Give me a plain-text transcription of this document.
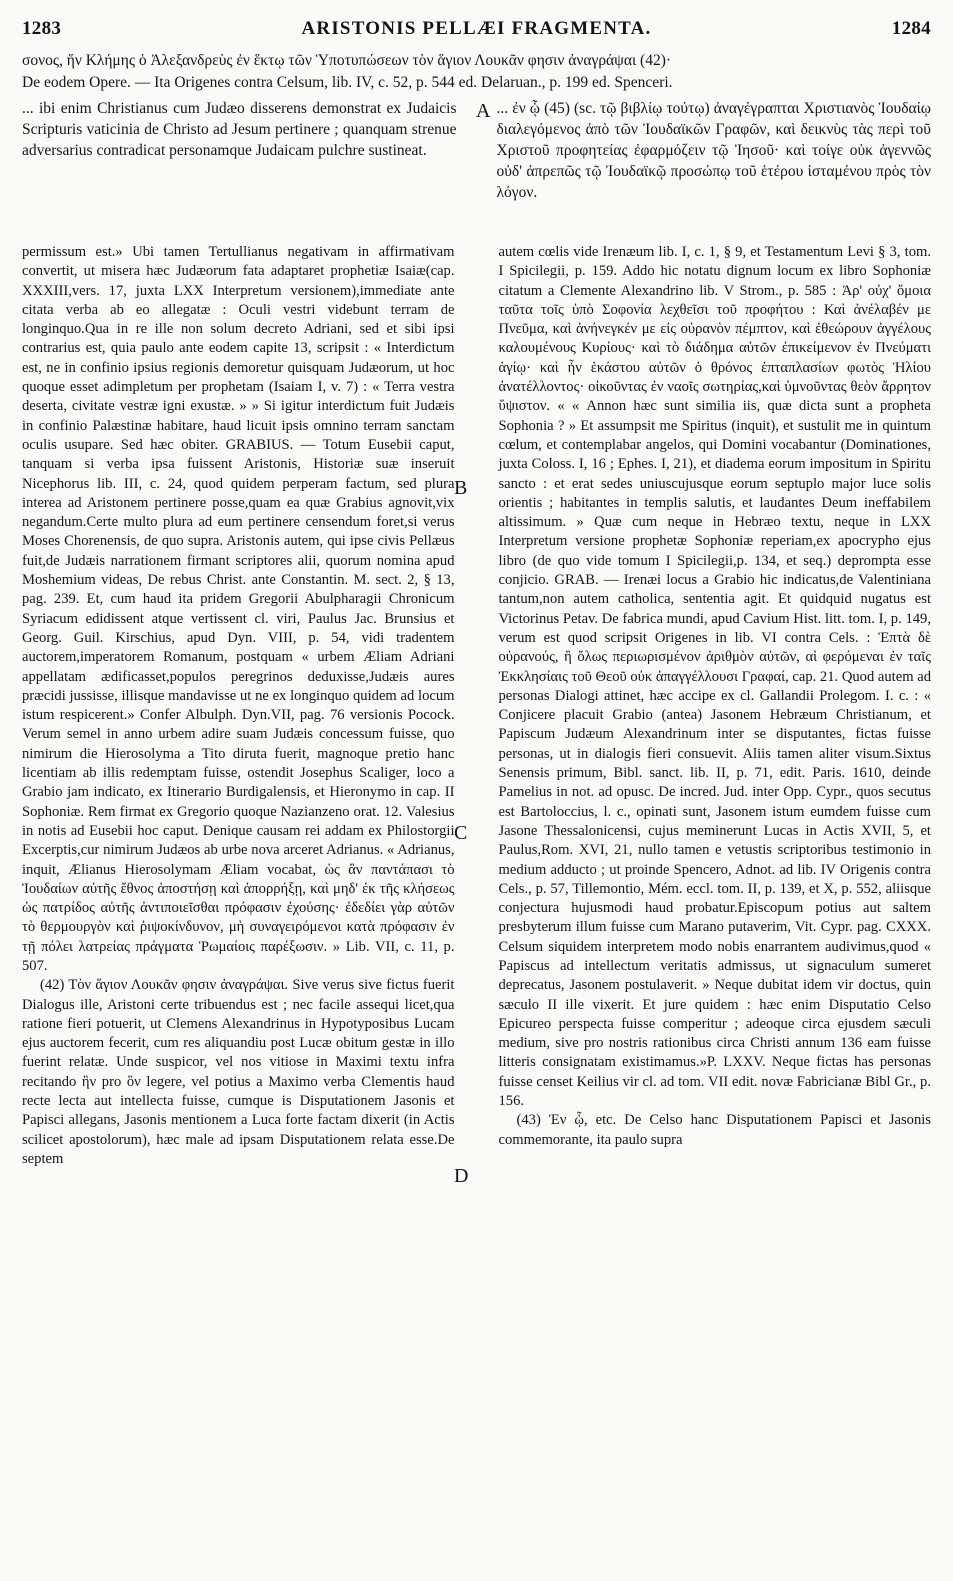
1283	ARISTONIS PELLÆI FRAGMENTA.	1284
σονος, ἥν Κλήμης ὁ Ἀλεξανδρεὺς ἐν ἕκτῳ τῶν Ὑποτυπώσεων τὸν ἅγιον Λουκᾶν φησιν ἀναγράψαι (42)·
De eodem Opere. — Ita Origenes contra Celsum, lib. IV, c. 52, p. 544 ed. Delaruan., p. 199 ed. Spenceri.

... ibi enim Christianus cum Judæo disserens demonstrat ex Judaicis Scripturis vaticinia de Christo ad Jesum pertinere ; quanquam strenue adversarius contradicat personamque Judaicam pulchre sustineat.

... ἐν ᾧ (45) (sc. τῷ βιβλίῳ τούτῳ) ἀναγέγραπται Χριστιανὸς Ἰουδαίῳ διαλεγόμενος ἀπὸ τῶν Ἰουδαϊκῶν Γραφῶν, καὶ δεικνὺς τὰς περὶ τοῦ Χριστοῦ προφητείας ἐφαρμόζειν τῷ Ἰησοῦ· καὶ τοίγε οὐκ ἀγεννῶς οὐδ' ἀπρεπῶς τῷ Ἰουδαϊκῷ προσώπῳ τοῦ ἑτέρου ἱσταμένου πρὸς τὸν λόγον.

A

permissum est.» Ubi tamen Tertullianus negativam in affirmativam convertit, ut misera hæc Judæorum fata adaptaret prophetiæ Isaiæ(cap. XXXIII,vers. 17, juxta LXX Interpretum versionem),immediate ante citata verba ab eo allegatæ : Oculi vestri videbunt terram de longinquo.Qua in re ille non solum decreto Adriani, sed et sibi ipsi contrarius est, quia paulo ante eodem capite 13, scripsit : « Interdictum est, ne in confinio ipsius regionis demoretur quisquam Judæorum, ut hoc quoque esset adimpletum per prophetam (Isaiam I, v. 7) : « Terra vestra deserta, civitate vestræ igni exustæ. » » Si igitur interdictum fuit Judæis in confinio Palæstinæ habitare, haud licuit ipsis omnino terram sanctam oculis usupare. Sed hæc obiter. GRABIUS. — Totum Eusebii caput, tanquam si verba ipsa fuissent Aristonis, Historiæ suæ inseruit Nicephorus lib. III, c. 24, quod quidem perperam factum, sed plura interea ad Aristonem pertinere posse,quam ea quæ Grabius agnovit,vix negandum.Certe multo plura ad eum pertinere censendum foret,si verus Moses Chorenensis, de quo supra. Aristonis autem, qui ipse civis Pellæus fuit,de Judæis narrationem firmant scriptores alii, quorum nomina apud Moshemium videas, De rebus Christ. ante Constantin. M. sect. 2, § 13, pag. 239. Et, cum haud ita pridem Gregorii Abulpharagii Chronicum Syriacum edidissent atque vertissent cl. viri, Paulus Jac. Brunsius et Georg. Guil. Kirschius, apud Dyn. VIII, p. 54, vidi tradentem auctorem,imperatorem Romanum, postquam « urbem Æliam Adriani appellatam ædificasset,populos peregrinos deduxisse,Judæis aures præcidi jussisse, illisque mandavisse ut ne ex longinquo quidem ad locum istum respicerent.» Confer Albulph. Dyn.VII, pag. 76 versionis Pocock. Verum semel in anno urbem adire suam Judæis concessum fuisse, quo nimirum die Hierosolyma a Tito diruta fuerit, magnoque pretio hanc licentiam ab illis redemptam fuisse, ostendit Josephus Scaliger, loco a Grabio jam indicato, ex Itinerario Burdigalensis, et Hieronymo in cap. II Sophoniæ. Rem firmat ex Gregorio quoque Nazianzeno orat. 12. Valesius in notis ad Eusebii hoc caput. Denique causam rei addam ex Philostorgii Excerptis,cur nimirum Judæos ab urbe nova arceret Adrianus. « Adrianus, inquit, Ælianus Hierosolymam Æliam vocabat, ὡς ἂν παντάπασι τὸ Ἰουδαίων αὐτῆς ἔθνος ἀποστήσῃ καὶ ἀπορρήξῃ, καὶ μηδ' ἐκ τῆς κλήσεως ὡς πατρίδος αὐτῆς ἀντιποιεῖσθαι πρόφασιν ἐχούσης· ἐδεδίει γὰρ αὐτῶν τὸ θερμουργὸν καὶ ῥιψοκίνδυνον, μὴ συναγειρόμενοι κατὰ πρόφασιν ἐν τῇ πόλει λατρείας πράγματα Ῥωμαίοις παρέξωσιν. » Lib. VII, c. 11, p. 507.

(42) Τὸν ἅγιον Λουκᾶν φησιν ἀναγράψαι. Sive verus sive fictus fuerit Dialogus ille, Aristoni certe tribuendus est ; nec facile assequi licet,qua ratione fieri potuerit, ut Clemens Alexandrinus in Hypotyposibus Lucam ejus auctorem fecerit, cum res aliquandiu post Lucæ obitum gestæ in illo fuerint relatæ. Unde suspicor, vel nos vitiose in Maximi textu infra recitando ἣν pro ὃν legere, vel potius a Maximo verba Clementis haud recte lecta aut intellecta fuisse, cumque is Disputationem Jasonis et Papisci allegans, Jasonis mentionem a Luca forte factam dixerit (in Actis scilicet apostolorum), hæc male ad ipsam Disputationem relata esse.De septem

autem cœlis vide Irenæum lib. I, c. 1, § 9, et Testamentum Levi § 3, tom. I Spicilegii, p. 159. Addo hic notatu dignum locum ex libro Sophoniæ citatum a Clemente Alexandrino lib. V Strom., p. 585 : Ἀρ' οὐχ' ὅμοια ταῦτα τοῖς ὑπὸ Σοφονία λεχθεῖσι τοῦ προφήτου : Καὶ ἀνέλαβέν με Πνεῦμα, καὶ ἀνήνεγκέν με εἰς οὐρανὸν πέμπτον, καὶ ἐθεώρουν ἀγγέλους καλουμένους Κυρίους· καὶ τὸ διάδημα αὐτῶν ἐπικείμενον ἐν Πνεύματι ἁγίῳ· καὶ ἦν ἑκάστου αὐτῶν ὁ θρόνος ἑπταπλασίων φωτὸς Ἡλίου ἀνατέλλοντος· οἰκοῦντας ἐν ναοῖς σωτηρίας,καὶ ὑμνοῦντας θεὸν ἄρρητον ὕψιστον. « « Annon hæc sunt similia iis, quæ dicta sunt a propheta Sophonia ? » Et assumpsit me Spiritus (inquit), et sustulit me in quintum cœlum, et contemplabar angelos, qui Domini vocabantur (Dominationes, juxta Coloss. I, 16 ; Ephes. I, 21), et diadema eorum impositum in Spiritu sancto : et erat sedes uniuscujusque eorum septuplo major luce solis orientis ; habitantes in templis salutis, et laudantes Deum ineffabilem altissimum. » Quæ cum neque in Hebræo textu, neque in LXX Interpretum versione prophetæ Sophoniæ reperiam,ex apocrypho ejus libro (de quo vide tomum I Spicilegii,p. 134, et seq.) deprompta esse conjicio. GRAB. — Irenæi locus a Grabio hic indicatus,de Valentinianа tantum,non autem catholica, sententia agit. Et quidquid nugatus est Victorinus Petav. De fabrica mundi, apud Cavium Hist. litt. tom. I, p. 149, verum est quod scripsit Origenes in lib. VI contra Cels. : Ἑπτὰ δὲ οὐρανούς, ἢ ὅλως περιωρισμένον ἀριθμὸν αὐτῶν, αἱ φερόμεναι ἐν ταῖς Ἐκκλησίαις τοῦ Θεοῦ οὐκ ἀπαγγέλλουσι Γραφαί, cap. 21. Quod autem ad personas Dialogi attinet, hæc accipe ex cl. Gallandii Prolegom. I. c. : « Conjicere placuit Grabio (antea) Jasonem Hebræum Christianum, et Papiscum Judæum Alexandrinum inter se disputantes, fictas fuisse personas, ut in dialogis fieri consuevit. Aliis tamen aliter visum.Sixtus Senensis primum, Bibl. sanct. lib. II, p. 71, edit. Paris. 1610, deinde Pamelius in not. ad opusc. De incred. Jud. inter Opp. Cypr., quos secutus est Bartoloccius, l. c., opinati sunt, Jasonem istum eumdem fuisse cum Jasone Thessalonicensi, cujus meminerunt Lucas in Actis XVII, 5, et Paulus,Rom. XVI, 21, nullo tamen e vetustis scriptoribus testimonio in medium adducto ; ut proinde Spencero, Adnot. ad lib. IV Origenis contra Cels., p. 57, Tillemontio, Mém. eccl. tom. II, p. 139, et X, p. 552, aliisque conjectura hujusmodi haud probatur.Episcopum potius aut saltem presbyterum illum fuisse cum Marano putaverim, Vit. Cypr. pag. CXXX. Celsum siquidem interpretem modo nobis enarrantem audivimus,quod « Papiscus ad intellectum veritatis admissus, ut signaculum sumeret deprecatus, Jasonem postulaverit. » Neque dubitat idem vir doctus, quin sæculo II ille vixerit. Et jure quidem : hæc enim Disputatio Celso Epicureo perspecta fuisse comperitur ; adeoque circa ejusdem sæculi medium, sive pro nostris rationibus circa Christi annum 136 eam fuisse litteris consignatam existimamus.»P. LXXV. Neque fictas has personas fuisse censet Keilius vir cl. ad tom. VII edit. novæ Fabricianæ Bibl Gr., p. 156.

(43) Ἐν ᾧ, etc. De Celso hanc Disputationem Papisci et Jasonis commemorante, ita paulo supra

B
C
D
